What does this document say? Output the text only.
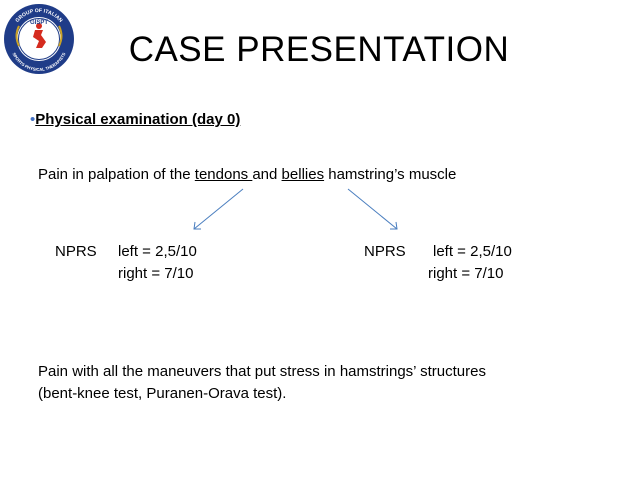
GISPT
GROUP OF ITALIAN
SPORTS PHYSICAL THERAPISTS	CASE PRESENTATION
•Physical examination (day 0)
Pain in palpation of the tendons and bellies hamstring’s muscle
NPRS left = 2,5/10
right = 7/10
NPRS left = 2,5/10
right = 7/10
Pain with all the maneuvers that put stress in hamstrings’ structures
(bent-knee test, Puranen-Orava test).
